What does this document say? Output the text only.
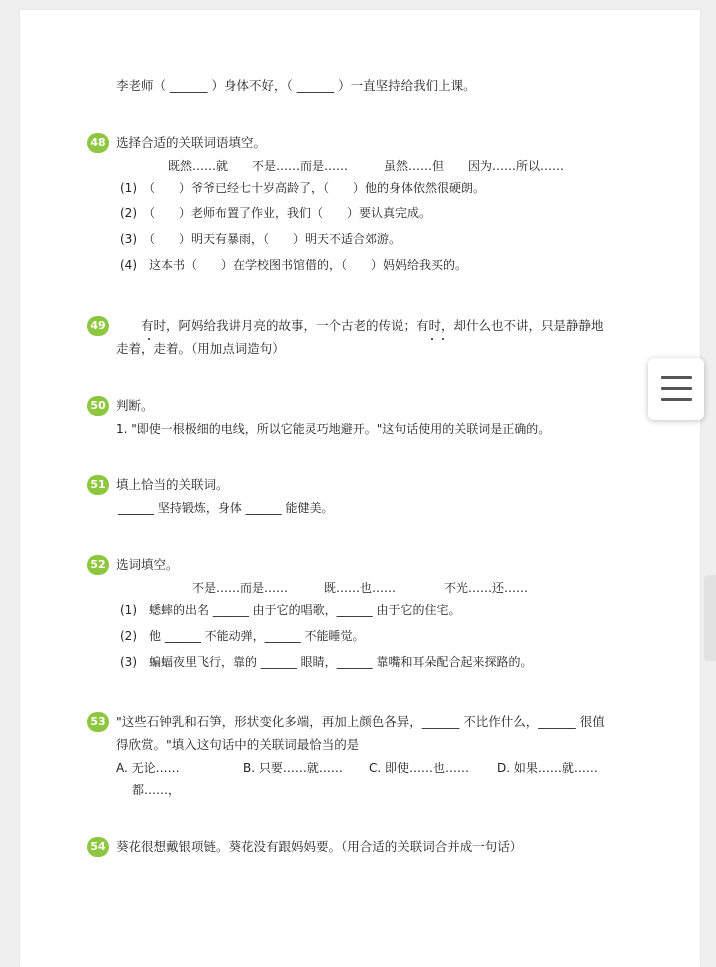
李老师（ ______ ）身体不好，（ ______ ）一直坚持给我们上课。
48 选择合适的关联词语填空。
既然……就　　不是……而是……　　　虽然……但　　因为……所以……
(1)　（　　）爷爷已经七十岁高龄了，（　　）他的身体依然很硬朗。
(2)　（　　）老师布置了作业，我们（　　）要认真完成。
(3)　（　　）明天有暴雨，（　　）明天不适合郊游。
(4)　这本书（　　）在学校图书馆借的，（　　）妈妈给我买的。
49 　　有时，阿妈给我讲月亮的故事，一个古老的传说；有时，却什么也不讲，只是静静地
走着，走着。（用加点词造句）
50 判断。
1. "即使一根极细的电线，所以它能灵巧地避开。"这句话使用的关联词是正确的。
51 填上恰当的关联词。
______ 坚持锻炼，身体 ______ 能健美。
52 选词填空。
不是……而是……　　　既……也……　　　　不光……还……
(1)　蟋蟀的出名 ______ 由于它的唱歌，______ 由于它的住宅。
(2)　他 ______ 不能动弹，______ 不能睡觉。
(3)　蝙蝠夜里飞行，靠的 ______ 眼睛，______ 靠嘴和耳朵配合起来探路的。
53 "这些石钟乳和石笋，形状变化多端，再加上颜色各异，______ 不比作什么，______ 很值
得欣赏。"填入这句话中的关联词最恰当的是
A. 无论……	B. 只要……就…… C. 即使……也…… D. 如果……就……
都……，
54 葵花很想戴银项链。葵花没有跟妈妈要。（用合适的关联词合并成一句话）
